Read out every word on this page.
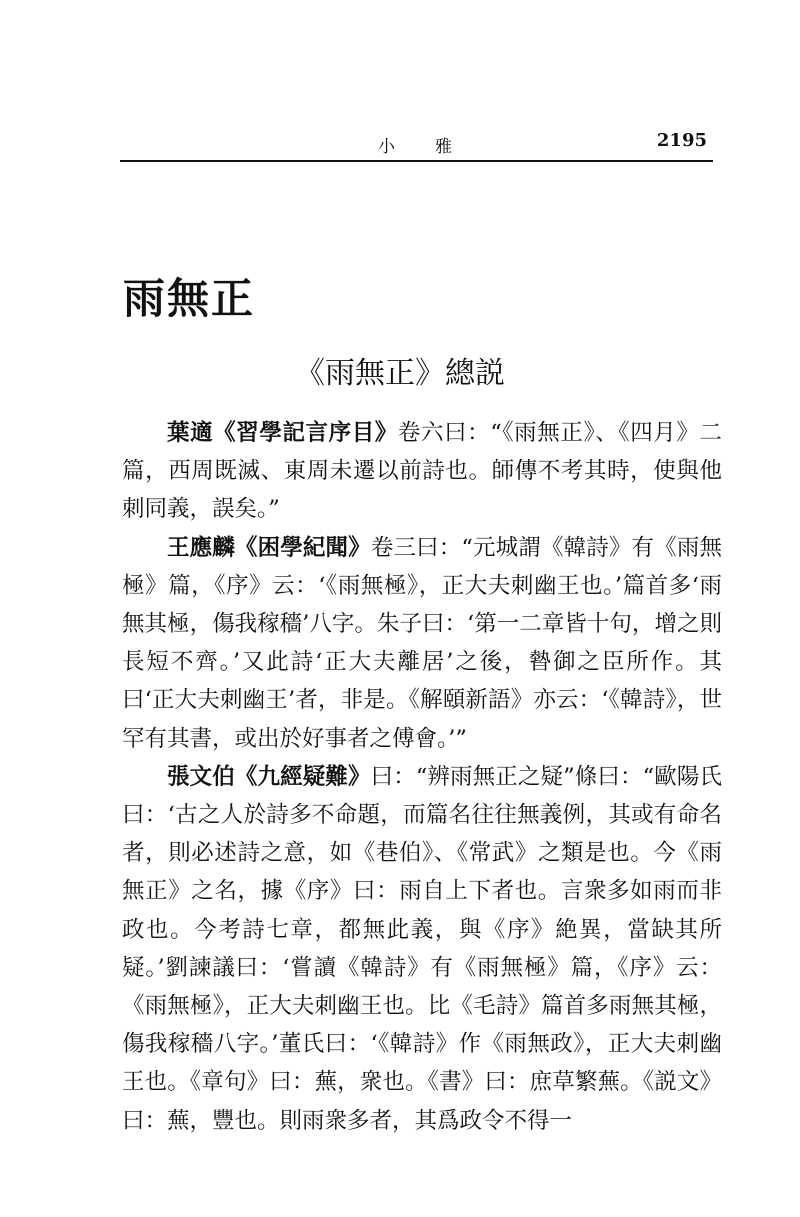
小雅	2195
雨無正
《雨無正》總説

葉適《習學記言序目》卷六曰：“《雨無正》、《四月》二篇，西周既滅、東周未遷以前詩也。師傳不考其時，使與他刺同義，誤矣。”

王應麟《困學紀聞》卷三曰：“元城謂《韓詩》有《雨無極》篇，《序》云：‘《雨無極》，正大夫刺幽王也。’篇首多‘雨無其極，傷我稼穡’八字。朱子曰：‘第一二章皆十句，增之則長短不齊。’又此詩‘正大夫離居’之後，暬御之臣所作。其曰‘正大夫刺幽王’者，非是。《解頤新語》亦云：‘《韓詩》，世罕有其書，或出於好事者之傅會。’”

張文伯《九經疑難》曰：“辨雨無正之疑”條曰：“歐陽氏曰：‘古之人於詩多不命題，而篇名往往無義例，其或有命名者，則必述詩之意，如《巷伯》、《常武》之類是也。今《雨無正》之名，據《序》曰：雨自上下者也。言衆多如雨而非政也。今考詩七章，都無此義，與《序》絶異，當缺其所疑。’劉諫議曰：‘嘗讀《韓詩》有《雨無極》篇，《序》云：《雨無極》，正大夫刺幽王也。比《毛詩》篇首多雨無其極，傷我稼穡八字。’董氏曰：‘《韓詩》作《雨無政》，正大夫刺幽王也。《章句》曰：蕪，衆也。《書》曰：庶草繁蕪。《説文》曰：蕪，豐也。則雨衆多者，其爲政令不得一
